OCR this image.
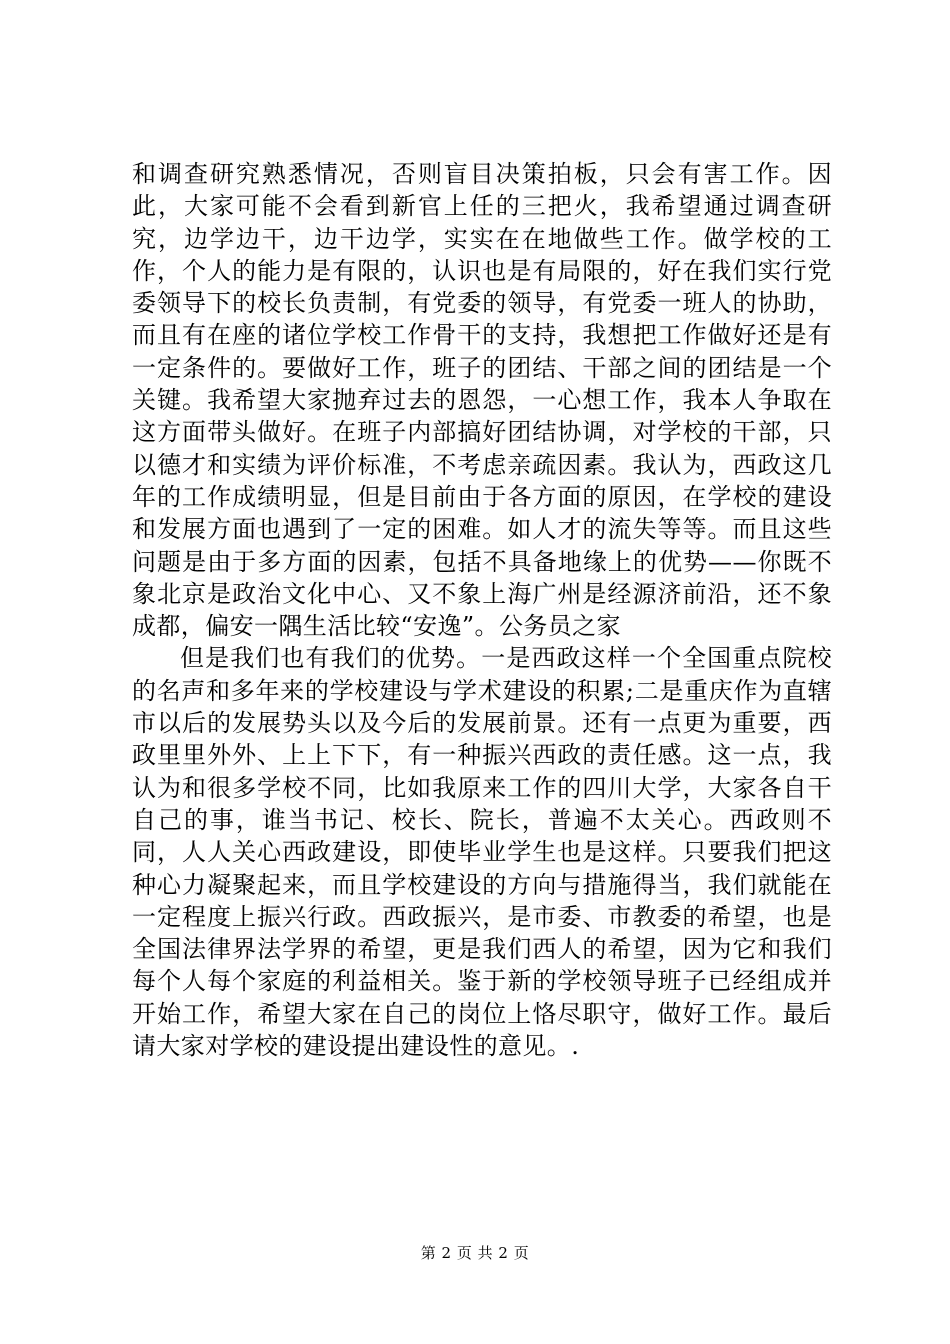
和调查研究熟悉情况，否则盲目决策拍板，只会有害工作。因此，大家可能不会看到新官上任的三把火，我希望通过调查研究，边学边干，边干边学，实实在在地做些工作。做学校的工作，个人的能力是有限的，认识也是有局限的，好在我们实行党委领导下的校长负责制，有党委的领导，有党委一班人的协助，而且有在座的诸位学校工作骨干的支持，我想把工作做好还是有一定条件的。要做好工作，班子的团结、干部之间的团结是一个关键。我希望大家抛弃过去的恩怨，一心想工作，我本人争取在这方面带头做好。在班子内部搞好团结协调，对学校的干部，只以德才和实绩为评价标准，不考虑亲疏因素。我认为，西政这几年的工作成绩明显，但是目前由于各方面的原因，在学校的建设和发展方面也遇到了一定的困难。如人才的流失等等。而且这些问题是由于多方面的因素，包括不具备地缘上的优势——你既不象北京是政治文化中心、又不象上海广州是经源济前沿，还不象成都，偏安一隅生活比较“安逸”。公务员之家

但是我们也有我们的优势。一是西政这样一个全国重点院校的名声和多年来的学校建设与学术建设的积累;二是重庆作为直辖市以后的发展势头以及今后的发展前景。还有一点更为重要，西政里里外外、上上下下，有一种振兴西政的责任感。这一点，我认为和很多学校不同，比如我原来工作的四川大学，大家各自干自己的事，谁当书记、校长、院长，普遍不太关心。西政则不同，人人关心西政建设，即使毕业学生也是这样。只要我们把这种心力凝聚起来，而且学校建设的方向与措施得当，我们就能在一定程度上振兴行政。西政振兴，是市委、市教委的希望，也是全国法律界法学界的希望，更是我们西人的希望，因为它和我们每个人每个家庭的利益相关。鉴于新的学校领导班子已经组成并开始工作，希望大家在自己的岗位上恪尽职守，做好工作。最后请大家对学校的建设提出建设性的意见。.

第 2 页 共 2 页
